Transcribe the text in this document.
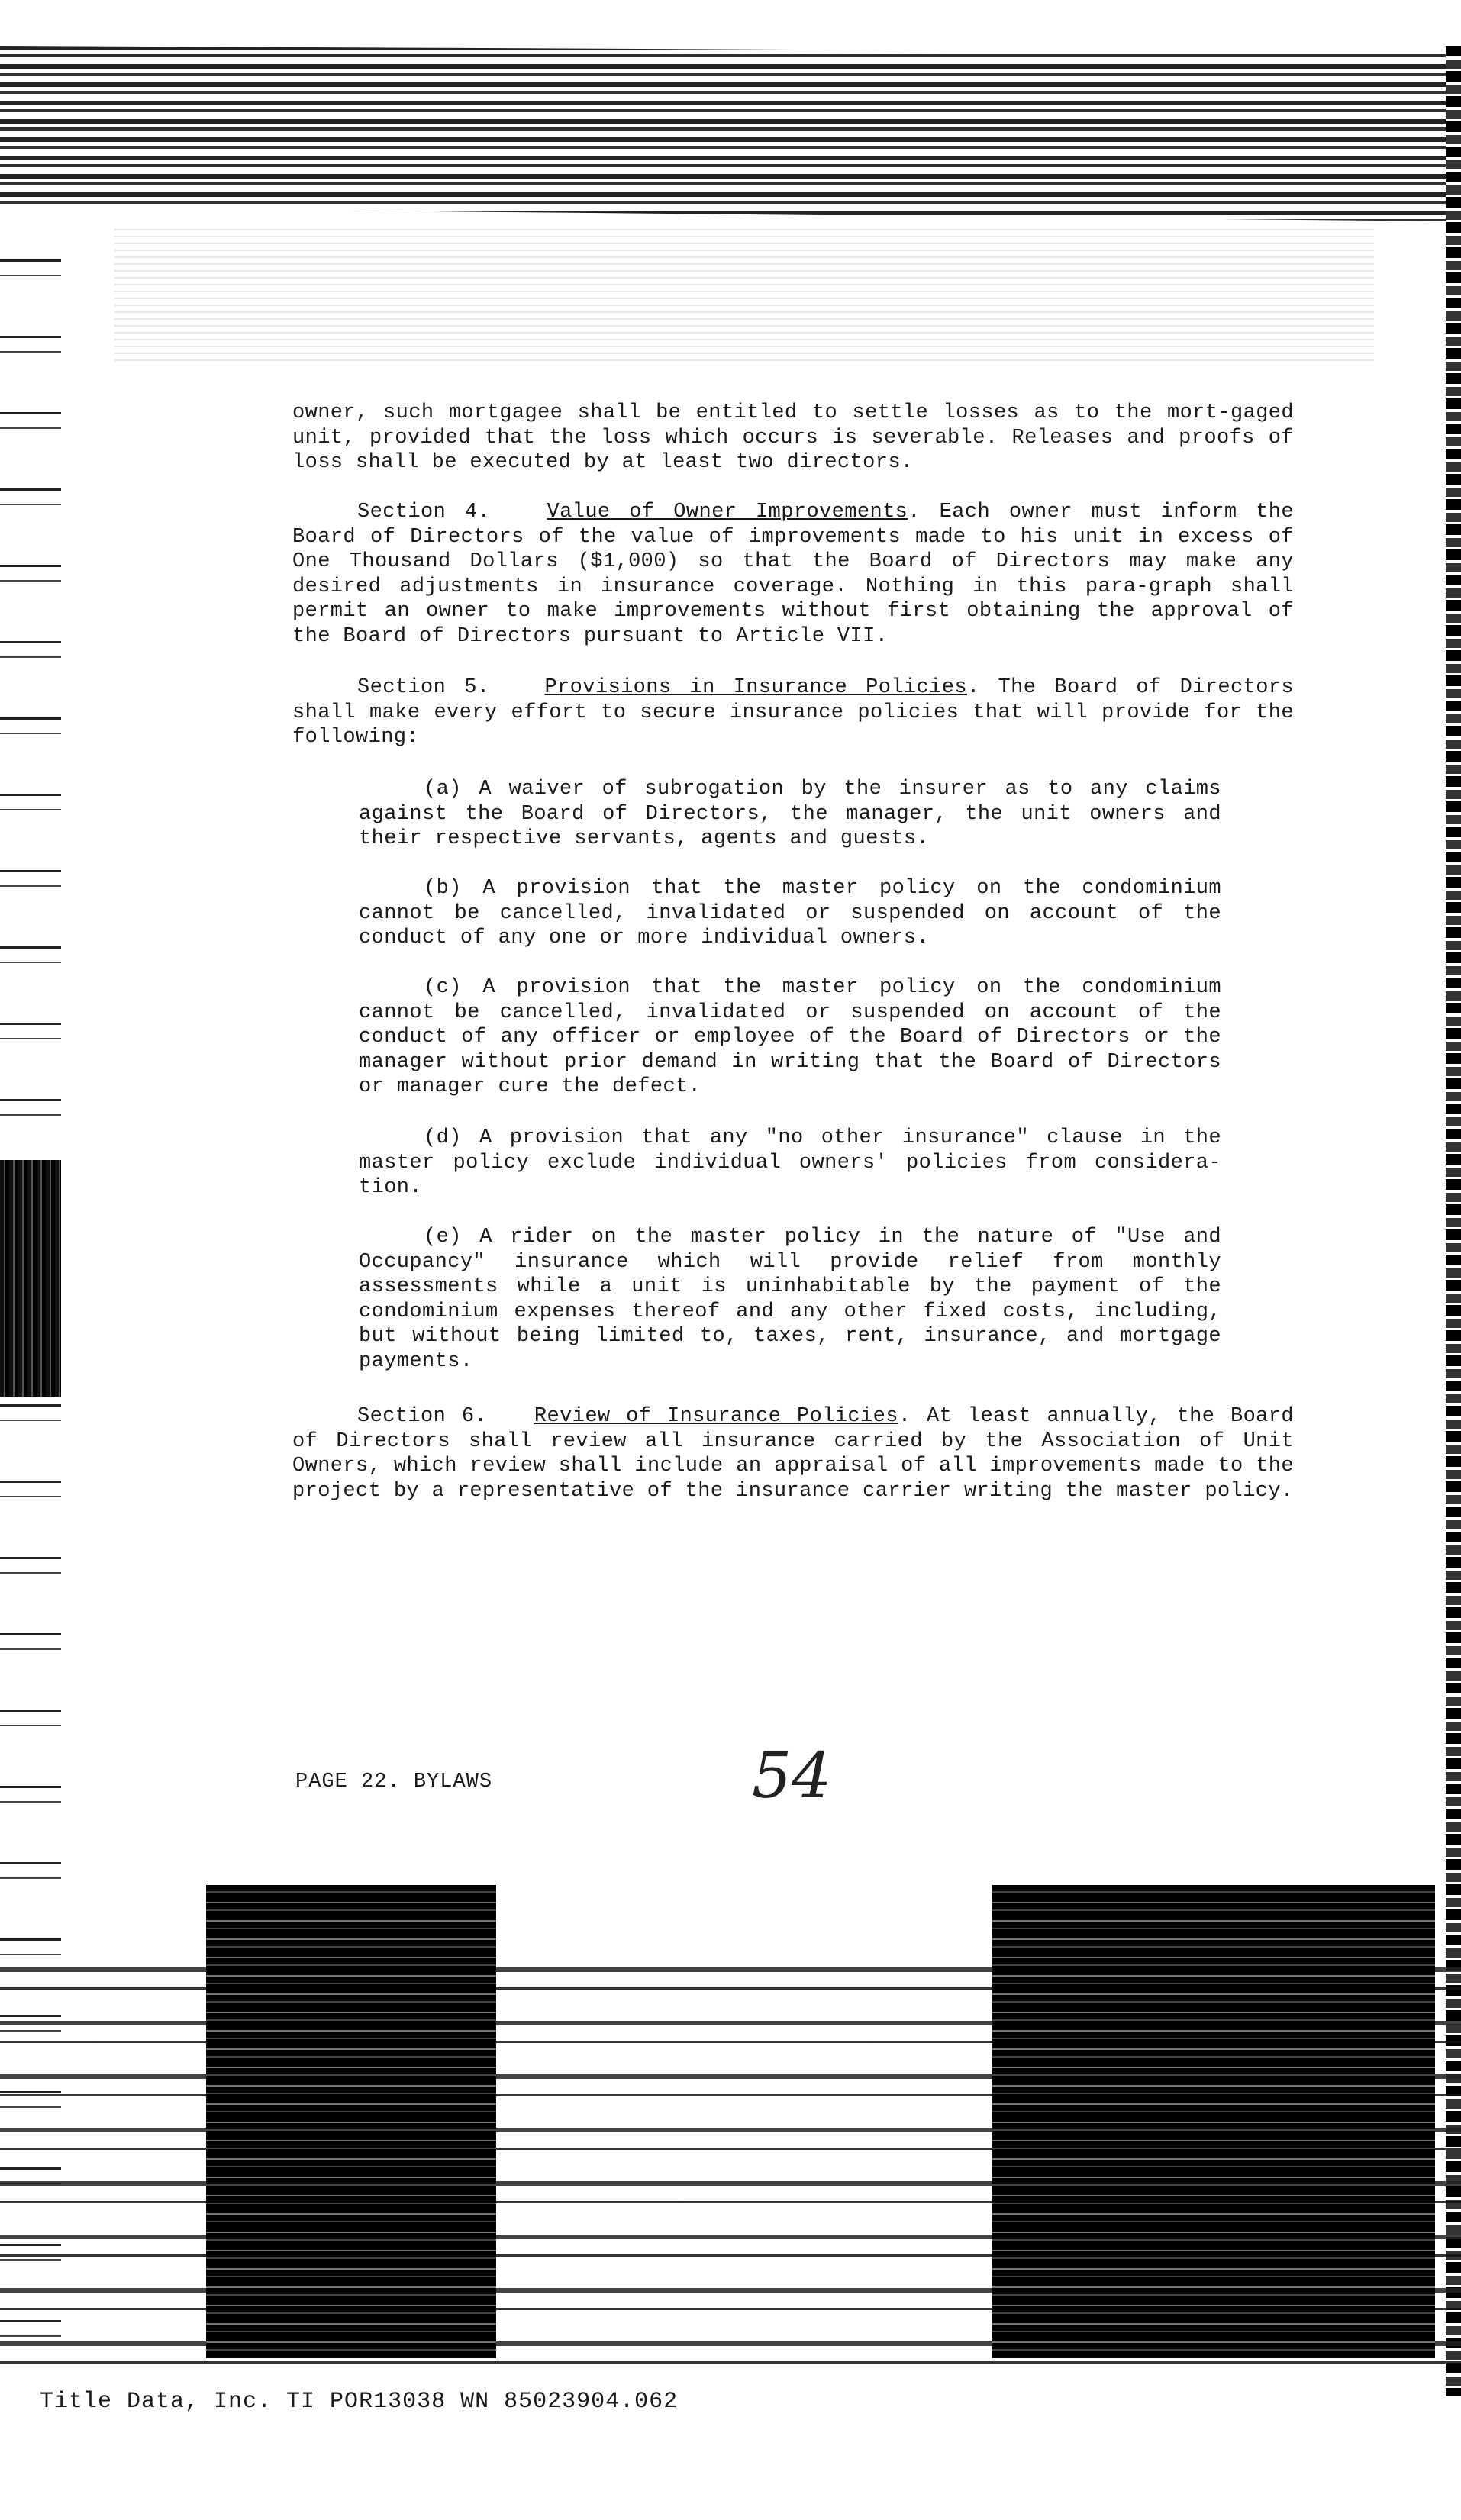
owner, such mortgagee shall be entitled to settle losses as to the mort-gaged unit, provided that the loss which occurs is severable. Releases and proofs of loss shall be executed by at least two directors.
Section 4.	Value of Owner Improvements. Each owner must inform the Board of Directors of the value of improvements made to his unit in excess of One Thousand Dollars ($1,000) so that the Board of Directors may make any desired adjustments in insurance coverage. Nothing in this para-graph shall permit an owner to make improvements without first obtaining the approval of the Board of Directors pursuant to Article VII.
Section 5.	Provisions in Insurance Policies. The Board of Directors shall make every effort to secure insurance policies that will provide for the following:
(a) A waiver of subrogation by the insurer as to any claims against the Board of Directors, the manager, the unit owners and their respective servants, agents and guests.
(b) A provision that the master policy on the condominium cannot be cancelled, invalidated or suspended on account of the conduct of any one or more individual owners.
(c) A provision that the master policy on the condominium cannot be cancelled, invalidated or suspended on account of the conduct of any officer or employee of the Board of Directors or the manager without prior demand in writing that the Board of Directors or manager cure the defect.
(d) A provision that any "no other insurance" clause in the master policy exclude individual owners' policies from considera-tion.
(e) A rider on the master policy in the nature of "Use and Occupancy" insurance which will provide relief from monthly assessments while a unit is uninhabitable by the payment of the condominium expenses thereof and any other fixed costs, including, but without being limited to, taxes, rent, insurance, and mortgage payments.
Section 6. Review of Insurance Policies. At least annually, the Board of Directors shall review all insurance carried by the Association of Unit Owners, which review shall include an appraisal of all improvements made to the project by a representative of the insurance carrier writing the master policy.
PAGE 22. BYLAWS	54
Title Data, Inc. TI POR13038 WN 85023904.062
